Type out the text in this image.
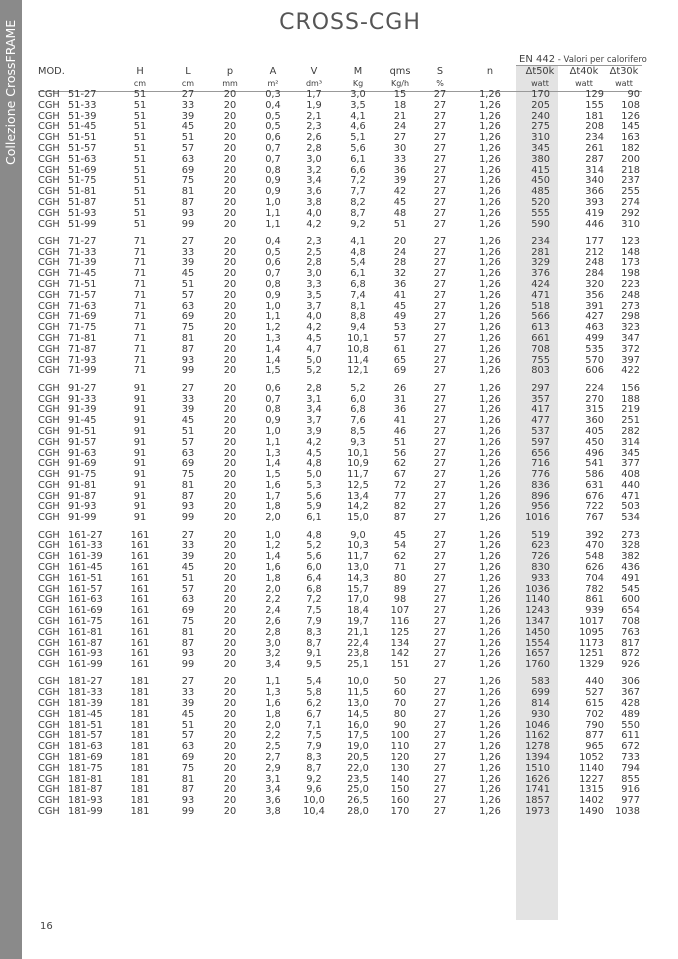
Collezione CrossFRAME	CROSS-CGH
EN 442 - Valori per calorifero
MOD.		H	L	p	A	V	M	qms	S	n	Δt50k	Δt40k	Δt30k
		cm	cm	mm	m²	dm³	Kg	Kg/h	%		watt	watt	watt
CGH	51-27	51	27	20	0,3	1,7	3,0	15	27	1,26	170	129	90
CGH	51-33	51	33	20	0,4	1,9	3,5	18	27	1,26	205	155	108
CGH	51-39	51	39	20	0,5	2,1	4,1	21	27	1,26	240	181	126
CGH	51-45	51	45	20	0,5	2,3	4,6	24	27	1,26	275	208	145
CGH	51-51	51	51	20	0,6	2,6	5,1	27	27	1,26	310	234	163
CGH	51-57	51	57	20	0,7	2,8	5,6	30	27	1,26	345	261	182
CGH	51-63	51	63	20	0,7	3,0	6,1	33	27	1,26	380	287	200
CGH	51-69	51	69	20	0,8	3,2	6,6	36	27	1,26	415	314	218
CGH	51-75	51	75	20	0,9	3,4	7,2	39	27	1,26	450	340	237
CGH	51-81	51	81	20	0,9	3,6	7,7	42	27	1,26	485	366	255
CGH	51-87	51	87	20	1,0	3,8	8,2	45	27	1,26	520	393	274
CGH	51-93	51	93	20	1,1	4,0	8,7	48	27	1,26	555	419	292
CGH	51-99	51	99	20	1,1	4,2	9,2	51	27	1,26	590	446	310

CGH	71-27	71	27	20	0,4	2,3	4,1	20	27	1,26	234	177	123
CGH	71-33	71	33	20	0,5	2,5	4,8	24	27	1,26	281	212	148
CGH	71-39	71	39	20	0,6	2,8	5,4	28	27	1,26	329	248	173
CGH	71-45	71	45	20	0,7	3,0	6,1	32	27	1,26	376	284	198
CGH	71-51	71	51	20	0,8	3,3	6,8	36	27	1,26	424	320	223
CGH	71-57	71	57	20	0,9	3,5	7,4	41	27	1,26	471	356	248
CGH	71-63	71	63	20	1,0	3,7	8,1	45	27	1,26	518	391	273
CGH	71-69	71	69	20	1,1	4,0	8,8	49	27	1,26	566	427	298
CGH	71-75	71	75	20	1,2	4,2	9,4	53	27	1,26	613	463	323
CGH	71-81	71	81	20	1,3	4,5	10,1	57	27	1,26	661	499	347
CGH	71-87	71	87	20	1,4	4,7	10,8	61	27	1,26	708	535	372
CGH	71-93	71	93	20	1,4	5,0	11,4	65	27	1,26	755	570	397
CGH	71-99	71	99	20	1,5	5,2	12,1	69	27	1,26	803	606	422

CGH	91-27	91	27	20	0,6	2,8	5,2	26	27	1,26	297	224	156
CGH	91-33	91	33	20	0,7	3,1	6,0	31	27	1,26	357	270	188
CGH	91-39	91	39	20	0,8	3,4	6,8	36	27	1,26	417	315	219
CGH	91-45	91	45	20	0,9	3,7	7,6	41	27	1,26	477	360	251
CGH	91-51	91	51	20	1,0	3,9	8,5	46	27	1,26	537	405	282
CGH	91-57	91	57	20	1,1	4,2	9,3	51	27	1,26	597	450	314
CGH	91-63	91	63	20	1,3	4,5	10,1	56	27	1,26	656	496	345
CGH	91-69	91	69	20	1,4	4,8	10,9	62	27	1,26	716	541	377
CGH	91-75	91	75	20	1,5	5,0	11,7	67	27	1,26	776	586	408
CGH	91-81	91	81	20	1,6	5,3	12,5	72	27	1,26	836	631	440
CGH	91-87	91	87	20	1,7	5,6	13,4	77	27	1,26	896	676	471
CGH	91-93	91	93	20	1,8	5,9	14,2	82	27	1,26	956	722	503
CGH	91-99	91	99	20	2,0	6,1	15,0	87	27	1,26	1016	767	534

CGH	161-27	161	27	20	1,0	4,8	9,0	45	27	1,26	519	392	273
CGH	161-33	161	33	20	1,2	5,2	10,3	54	27	1,26	623	470	328
CGH	161-39	161	39	20	1,4	5,6	11,7	62	27	1,26	726	548	382
CGH	161-45	161	45	20	1,6	6,0	13,0	71	27	1,26	830	626	436
CGH	161-51	161	51	20	1,8	6,4	14,3	80	27	1,26	933	704	491
CGH	161-57	161	57	20	2,0	6,8	15,7	89	27	1,26	1036	782	545
CGH	161-63	161	63	20	2,2	7,2	17,0	98	27	1,26	1140	861	600
CGH	161-69	161	69	20	2,4	7,5	18,4	107	27	1,26	1243	939	654
CGH	161-75	161	75	20	2,6	7,9	19,7	116	27	1,26	1347	1017	708
CGH	161-81	161	81	20	2,8	8,3	21,1	125	27	1,26	1450	1095	763
CGH	161-87	161	87	20	3,0	8,7	22,4	134	27	1,26	1554	1173	817
CGH	161-93	161	93	20	3,2	9,1	23,8	142	27	1,26	1657	1251	872
CGH	161-99	161	99	20	3,4	9,5	25,1	151	27	1,26	1760	1329	926

CGH	181-27	181	27	20	1,1	5,4	10,0	50	27	1,26	583	440	306
CGH	181-33	181	33	20	1,3	5,8	11,5	60	27	1,26	699	527	367
CGH	181-39	181	39	20	1,6	6,2	13,0	70	27	1,26	814	615	428
CGH	181-45	181	45	20	1,8	6,7	14,5	80	27	1,26	930	702	489
CGH	181-51	181	51	20	2,0	7,1	16,0	90	27	1,26	1046	790	550
CGH	181-57	181	57	20	2,2	7,5	17,5	100	27	1,26	1162	877	611
CGH	181-63	181	63	20	2,5	7,9	19,0	110	27	1,26	1278	965	672
CGH	181-69	181	69	20	2,7	8,3	20,5	120	27	1,26	1394	1052	733
CGH	181-75	181	75	20	2,9	8,7	22,0	130	27	1,26	1510	1140	794
CGH	181-81	181	81	20	3,1	9,2	23,5	140	27	1,26	1626	1227	855
CGH	181-87	181	87	20	3,4	9,6	25,0	150	27	1,26	1741	1315	916
CGH	181-93	181	93	20	3,6	10,0	26,5	160	27	1,26	1857	1402	977
CGH	181-99	181	99	20	3,8	10,4	28,0	170	27	1,26	1973	1490	1038
16
